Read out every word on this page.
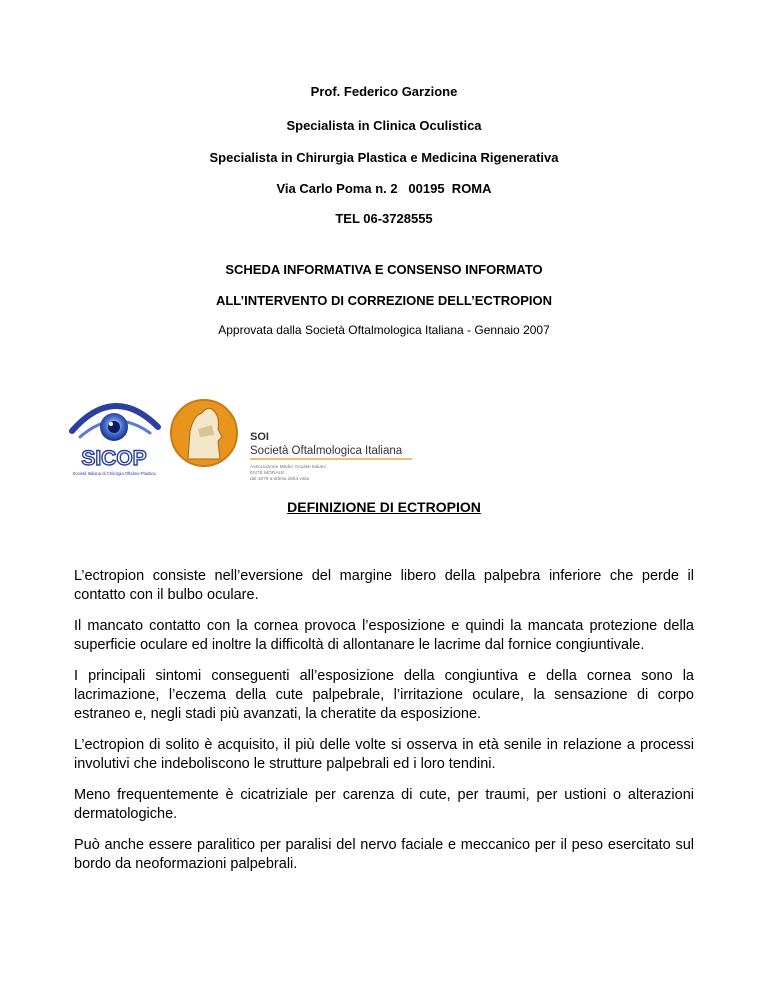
Prof. Federico Garzione
Specialista in Clinica Oculistica
Specialista in Chirurgia Plastica e Medicina Rigenerativa
Via Carlo Poma n. 2   00195  ROMA
TEL 06-3728555
SCHEDA INFORMATIVA E CONSENSO INFORMATO
ALL’INTERVENTO DI CORREZIONE DELL’ECTROPION
Approvata dalla Società Oftalmologica Italiana - Gennaio 2007
SICOP
Società Italiana di Chirurgia Oftalmo-Plastica
SOI
Società Oftalmologica Italiana
Associazione Medici Oculisti Italiani
ENTE MORALE
dal 1879 a difesa della vista
DEFINIZIONE DI ECTROPION

L’ectropion consiste nell’eversione del margine libero della palpebra inferiore che perde il contatto con il bulbo oculare.

Il mancato contatto con la cornea provoca l’esposizione e quindi la mancata protezione della superficie oculare ed inoltre la difficoltà di allontanare le lacrime dal fornice congiuntivale.

I principali sintomi conseguenti all’esposizione della congiuntiva e della cornea sono la lacrimazione, l’eczema della cute palpebrale, l’irritazione oculare, la sensazione di corpo estraneo e, negli stadi più avanzati, la cheratite da esposizione.

L’ectropion di solito è acquisito, il più delle volte si osserva in età senile in relazione a processi involutivi che indeboliscono le strutture palpebrali ed i loro tendini.

Meno frequentemente è cicatriziale per carenza di cute, per traumi, per ustioni o alterazioni dermatologiche.

Può anche essere paralitico per paralisi del nervo faciale e meccanico per il peso esercitato sul bordo da neoformazioni palpebrali.
